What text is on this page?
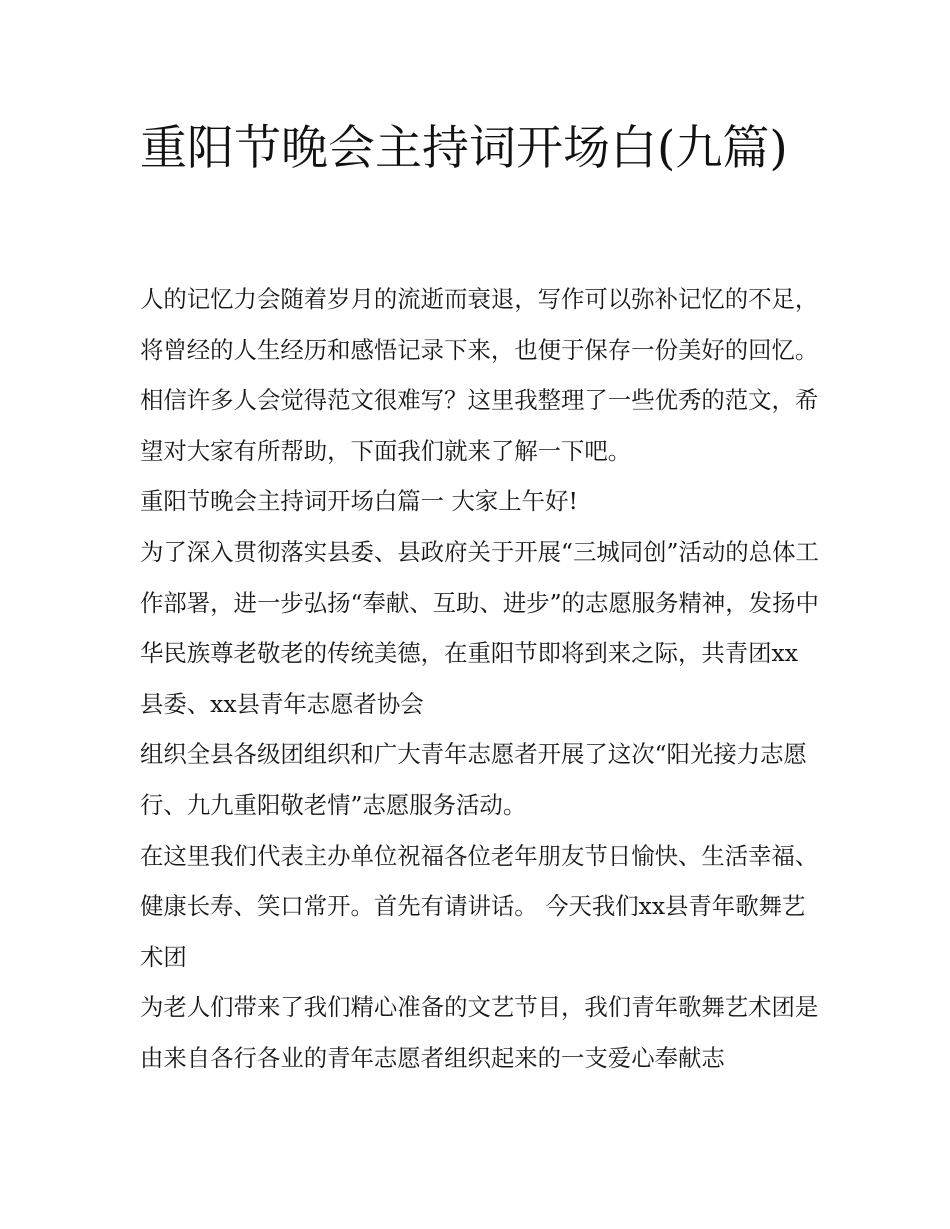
重阳节晚会主持词开场白(九篇)

人的记忆力会随着岁月的流逝而衰退，写作可以弥补记忆的不足，将曾经的人生经历和感悟记录下来，也便于保存一份美好的回忆。相信许多人会觉得范文很难写？这里我整理了一些优秀的范文，希望对大家有所帮助，下面我们就来了解一下吧。

重阳节晚会主持词开场白篇一 大家上午好!

为了深入贯彻落实县委、县政府关于开展“三城同创”活动的总体工作部署，进一步弘扬“奉献、互助、进步”的志愿服务精神，发扬中华民族尊老敬老的传统美德，在重阳节即将到来之际，共青团xx县委、xx县青年志愿者协会

组织全县各级团组织和广大青年志愿者开展了这次“阳光接力志愿行、九九重阳敬老情”志愿服务活动。

在这里我们代表主办单位祝福各位老年朋友节日愉快、生活幸福、健康长寿、笑口常开。首先有请讲话。 今天我们xx县青年歌舞艺术团

为老人们带来了我们精心准备的文艺节目，我们青年歌舞艺术团是由来自各行各业的青年志愿者组织起来的一支爱心奉献志
